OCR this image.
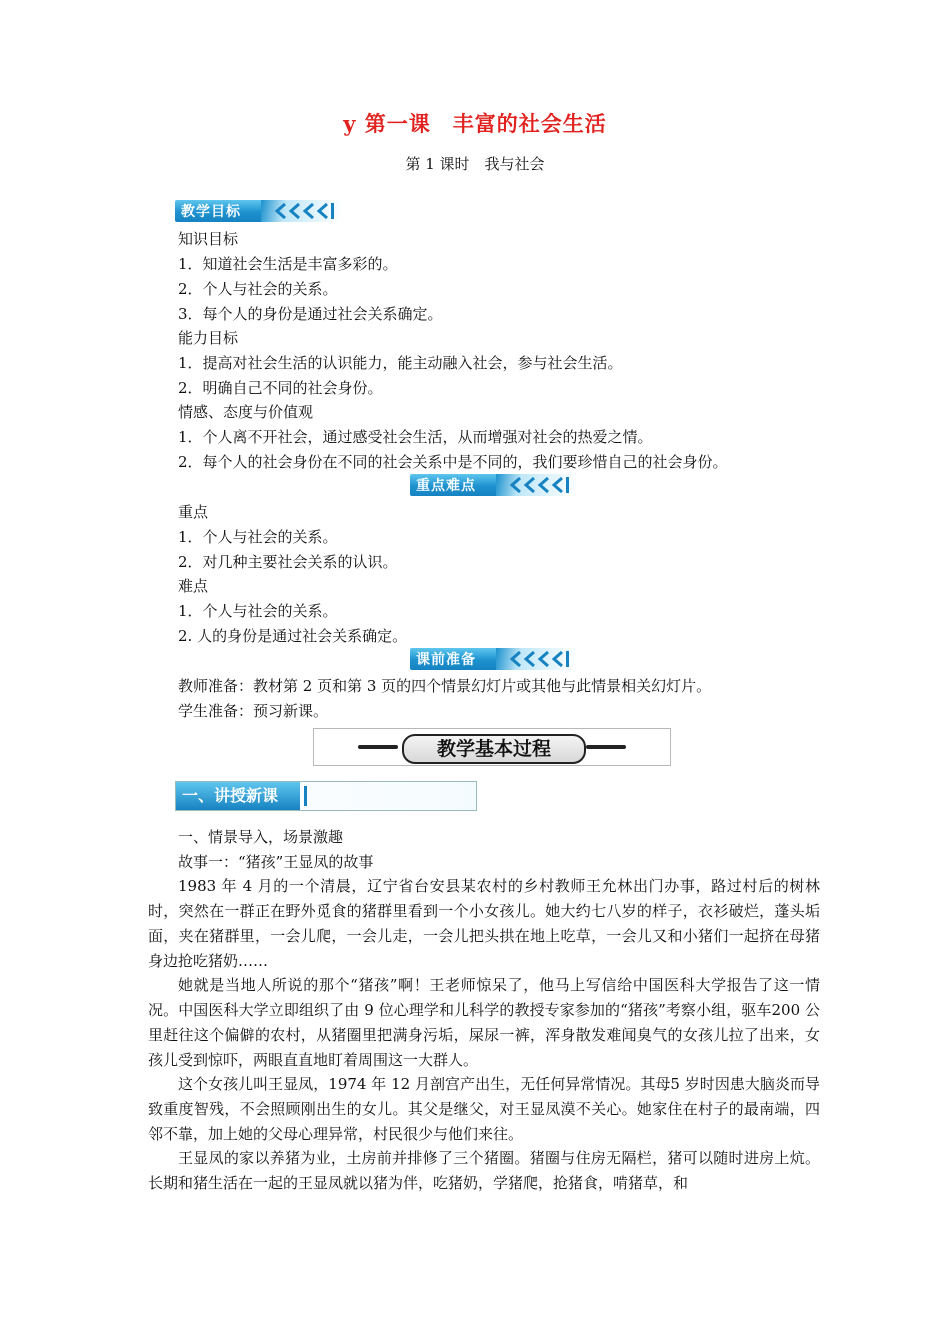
y 第一课　丰富的社会生活
第 1 课时　我与社会
教学目标
知识目标
1．知道社会生活是丰富多彩的。
2．个人与社会的关系。
3．每个人的身份是通过社会关系确定。
能力目标
1．提高对社会生活的认识能力，能主动融入社会，参与社会生活。
2．明确自己不同的社会身份。
情感、态度与价值观
1．个人离不开社会，通过感受社会生活，从而增强对社会的热爱之情。
2．每个人的社会身份在不同的社会关系中是不同的，我们要珍惜自己的社会身份。
重点难点
重点
1．个人与社会的关系。
2．对几种主要社会关系的认识。
难点
1．个人与社会的关系。
2. 人的身份是通过社会关系确定。
课前准备
教师准备：教材第 2 页和第 3 页的四个情景幻灯片或其他与此情景相关幻灯片。
学生准备：预习新课。
教学基本过程
一、讲授新课
一、情景导入，场景激趣
故事一：“猪孩”王显凤的故事
1983 年 4 月的一个清晨，辽宁省台安县某农村的乡村教师王允林出门办事，路过村后的树林时，突然在一群正在野外觅食的猪群里看到一个小女孩儿。她大约七八岁的样子，衣衫破烂，蓬头垢面，夹在猪群里，一会儿爬，一会儿走，一会儿把头拱在地上吃草，一会儿又和小猪们一起挤在母猪身边抢吃猪奶……
她就是当地人所说的那个“猪孩”啊！王老师惊呆了，他马上写信给中国医科大学报告了这一情况。中国医科大学立即组织了由 9 位心理学和儿科学的教授专家参加的“猪孩”考察小组，驱车200 公里赶往这个偏僻的农村，从猪圈里把满身污垢，屎尿一裤，浑身散发难闻臭气的女孩儿拉了出来，女孩儿受到惊吓，两眼直直地盯着周围这一大群人。
这个女孩儿叫王显凤，1974 年 12 月剖宫产出生，无任何异常情况。其母5 岁时因患大脑炎而导致重度智残，不会照顾刚出生的女儿。其父是继父，对王显凤漠不关心。她家住在村子的最南端，四邻不靠，加上她的父母心理异常，村民很少与他们来往。
王显凤的家以养猪为业，土房前并排修了三个猪圈。猪圈与住房无隔栏，猪可以随时进房上炕。长期和猪生活在一起的王显凤就以猪为伴，吃猪奶，学猪爬，抢猪食，啃猪草，和
